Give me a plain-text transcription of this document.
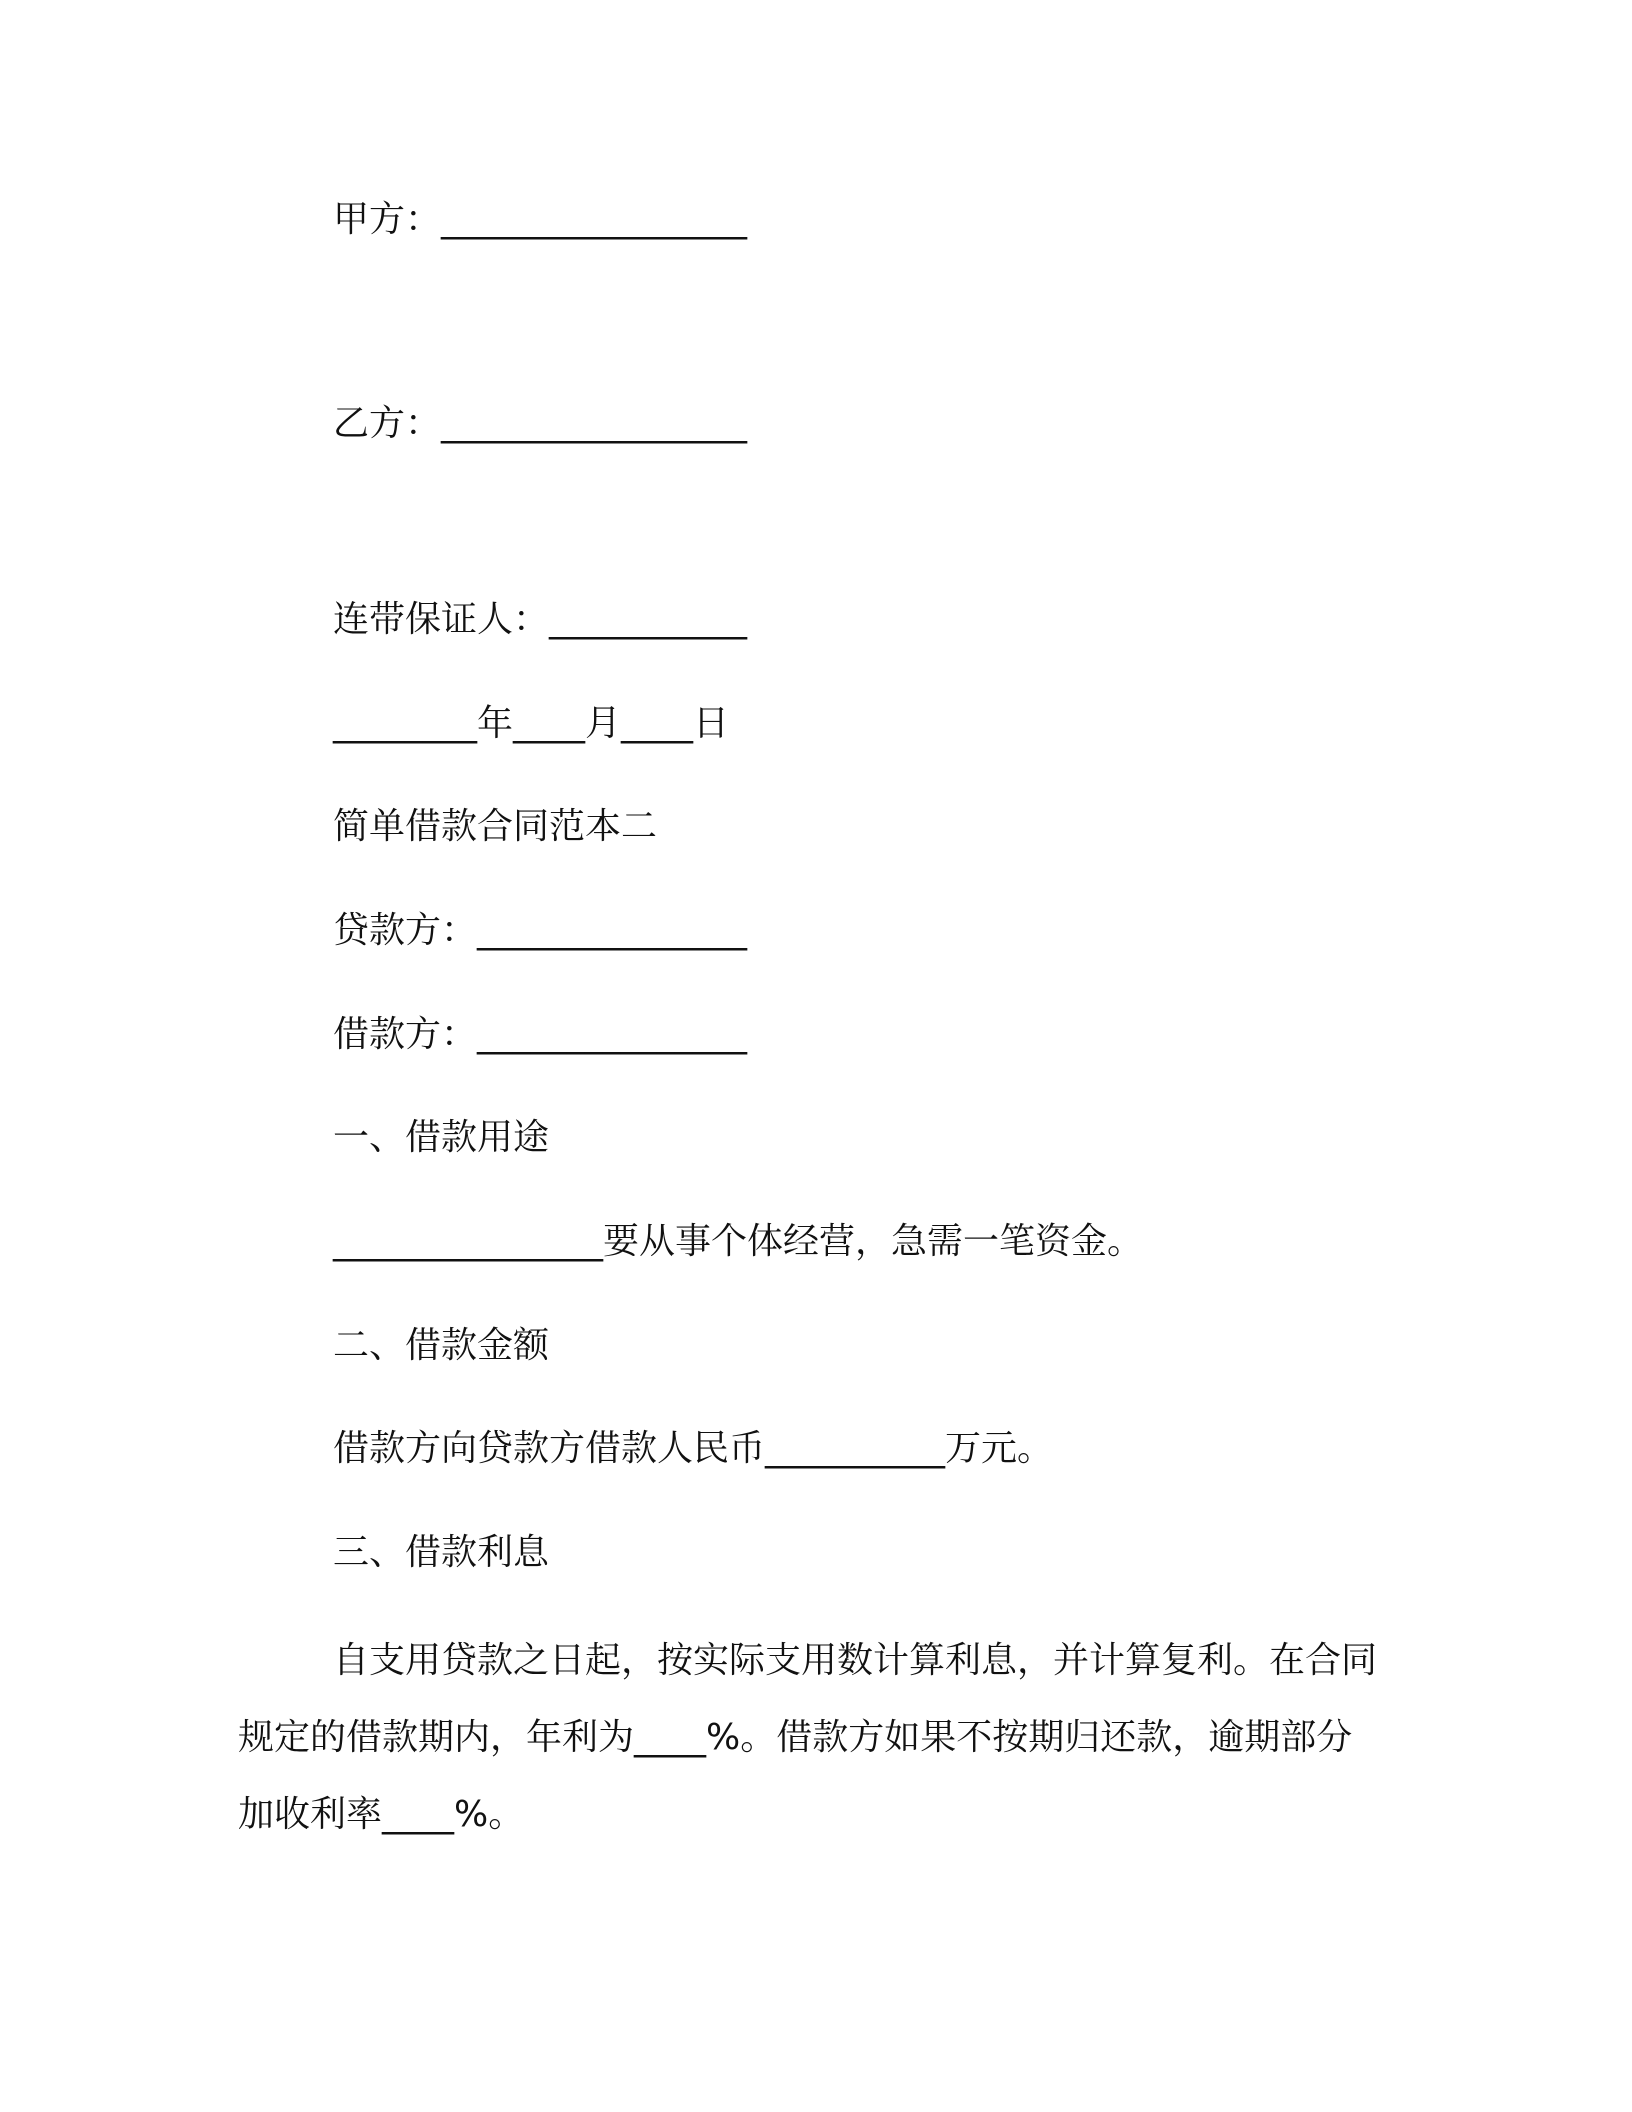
甲方：_________________

乙方：_________________

连带保证人：___________

________年____月____日

简单借款合同范本二

贷款方：_______________

借款方：_______________

一、借款用途

_______________要从事个体经营，急需一笔资金。

二、借款金额

借款方向贷款方借款人民币__________万元。

三、借款利息

自支用贷款之日起，按实际支用数计算利息，并计算复利。在合同规定的借款期内，年利为____%。借款方如果不按期归还款，逾期部分加收利率____%。
